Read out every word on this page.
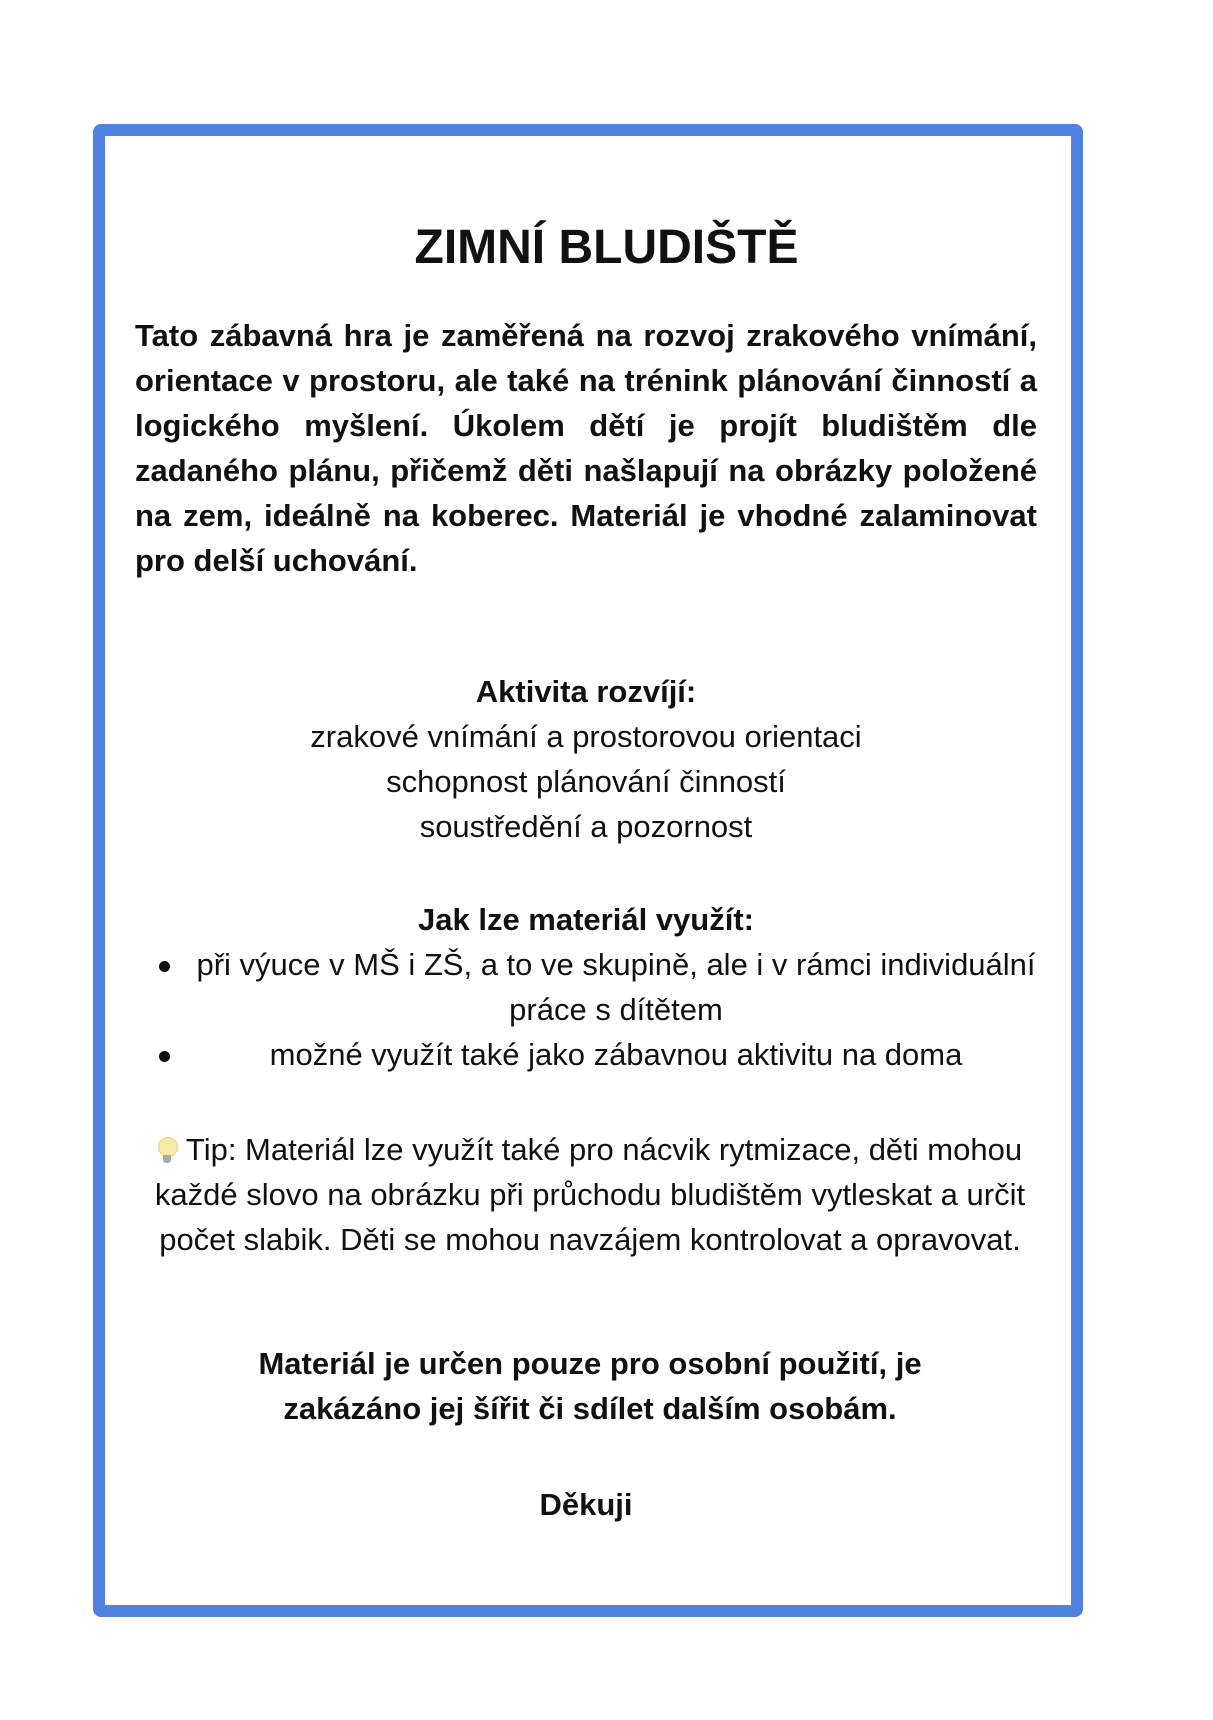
ZIMNÍ BLUDIŠTĚ
Tato zábavná hra je zaměřená na rozvoj zrakového vnímání, orientace v prostoru, ale také na trénink plánování činností a logického myšlení. Úkolem dětí je projít bludištěm dle zadaného plánu, přičemž děti našlapují na obrázky položené na zem, ideálně na koberec. Materiál je vhodné zalaminovat pro delší uchování.
Aktivita rozvíjí:
zrakové vnímání a prostorovou orientaci
schopnost plánování činností
soustředění a pozornost
Jak lze materiál využít:
při výuce v MŠ i ZŠ, a to ve skupině, ale i v rámci individuální práce s dítětem
možné využít také jako zábavnou aktivitu na doma
Tip: Materiál lze využít také pro nácvik rytmizace, děti mohou každé slovo na obrázku při průchodu bludištěm vytleskat a určit počet slabik. Děti se mohou navzájem kontrolovat a opravovat.
Materiál je určen pouze pro osobní použití, je zakázáno jej šířit či sdílet dalším osobám.
Děkuji
